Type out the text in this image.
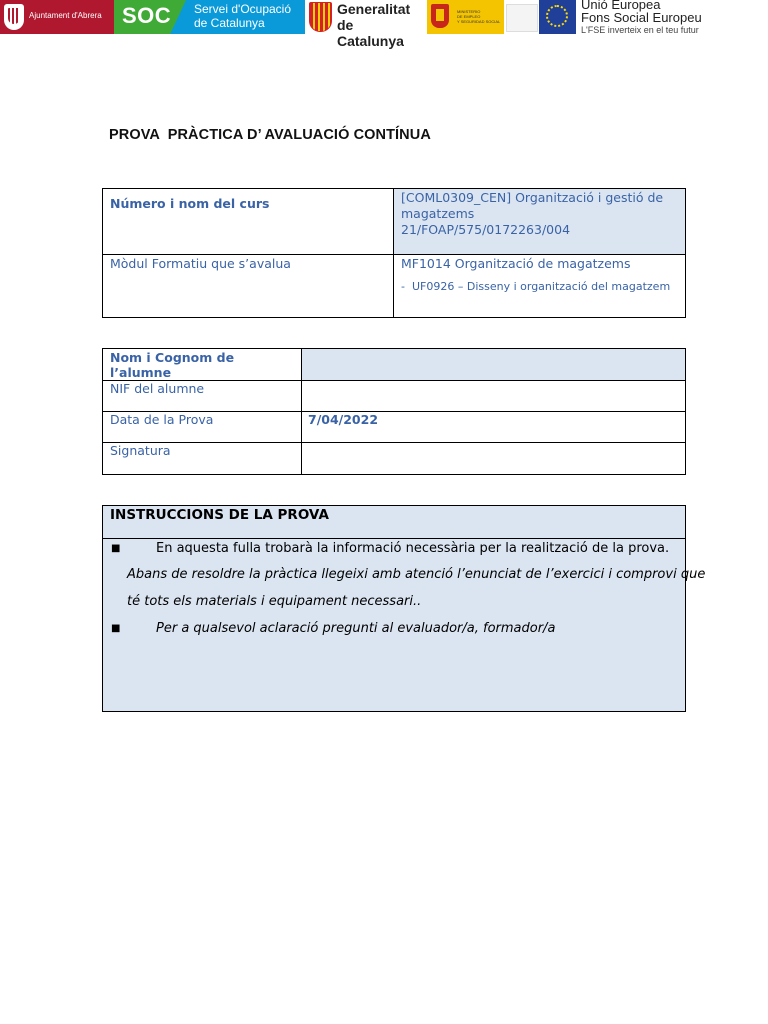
Ajuntament d'Abrera SOC Servei d'Ocupació
de Catalunya
Generalitat
de Catalunya
MINISTERIO
DE EMPLEO
Y SEGURIDAD SOCIAL
Unió Europea
Fons Social Europeu
L'FSE inverteix en el teu futur
PROVA  PRÀCTICA D’ AVALUACIÓ CONTÍNUA
Número i nom del curs	[COML0309_CEN] Organització i gestió de
magatzems
21/FOAP/575/0172263/004
Mòdul Formatiu que s’avalua	MF1014 Organització de magatzems
- UF0926 – Disseny i organització del magatzem
Nom i Cognom de l’alumne
NIF del alumne
Data de la Prova	7/04/2022
Signatura
INSTRUCCIONS DE LA PROVA
■	En aquesta fulla trobarà la informació necessària per la realització de la prova.
Abans de resoldre la pràctica llegeixi amb atenció l’enunciat de l’exercici i comprovi que
té tots els materials i equipament necessari..
■	Per a qualsevol aclaració pregunti al evaluador/a, formador/a
